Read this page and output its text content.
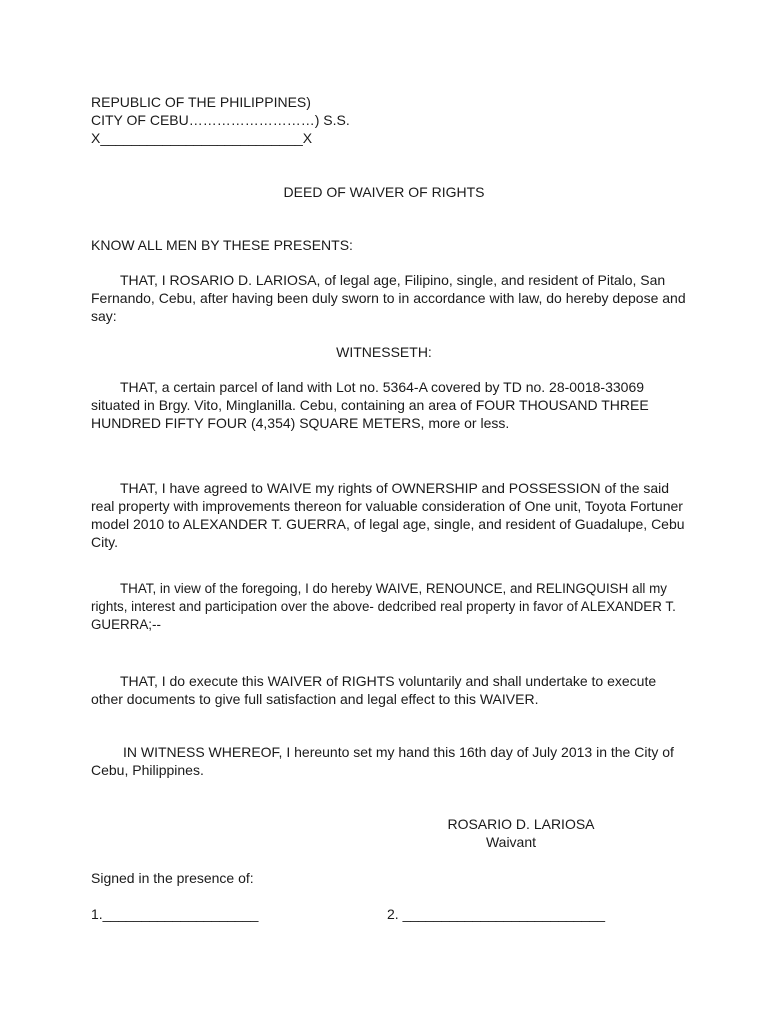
REPUBLIC OF THE PHILIPPINES)
CITY OF CEBU………………………) S.S.
X__________________________X
DEED OF WAIVER OF RIGHTS
KNOW ALL MEN BY THESE PRESENTS:
THAT, I ROSARIO D. LARIOSA, of legal age, Filipino, single, and resident of Pitalo, San Fernando, Cebu, after having been duly sworn to in accordance with law, do hereby depose and say:
WITNESSETH:
THAT, a certain parcel of land with Lot no. 5364-A covered by TD no. 28-0018-33069 situated in Brgy. Vito, Minglanilla. Cebu, containing an area of FOUR THOUSAND THREE HUNDRED FIFTY FOUR (4,354) SQUARE METERS, more or less.
THAT, I have agreed to WAIVE my rights of OWNERSHIP and POSSESSION of the said real property with improvements thereon for valuable consideration of One unit, Toyota Fortuner model 2010 to ALEXANDER T. GUERRA, of legal age, single, and resident of Guadalupe, Cebu City.
THAT, in view of the foregoing, I do hereby WAIVE, RENOUNCE, and RELINGQUISH all my rights, interest and participation over the above- dedcribed real property in favor of ALEXANDER T. GUERRA;--
THAT, I do execute this WAIVER of RIGHTS voluntarily and shall undertake to execute other documents to give full satisfaction and legal effect to this WAIVER.
IN WITNESS WHEREOF, I hereunto set my hand this 16th day of July 2013 in the City of Cebu, Philippines.
ROSARIO D. LARIOSA
Waivant
Signed in the presence of:
1.____________________	2. __________________________
